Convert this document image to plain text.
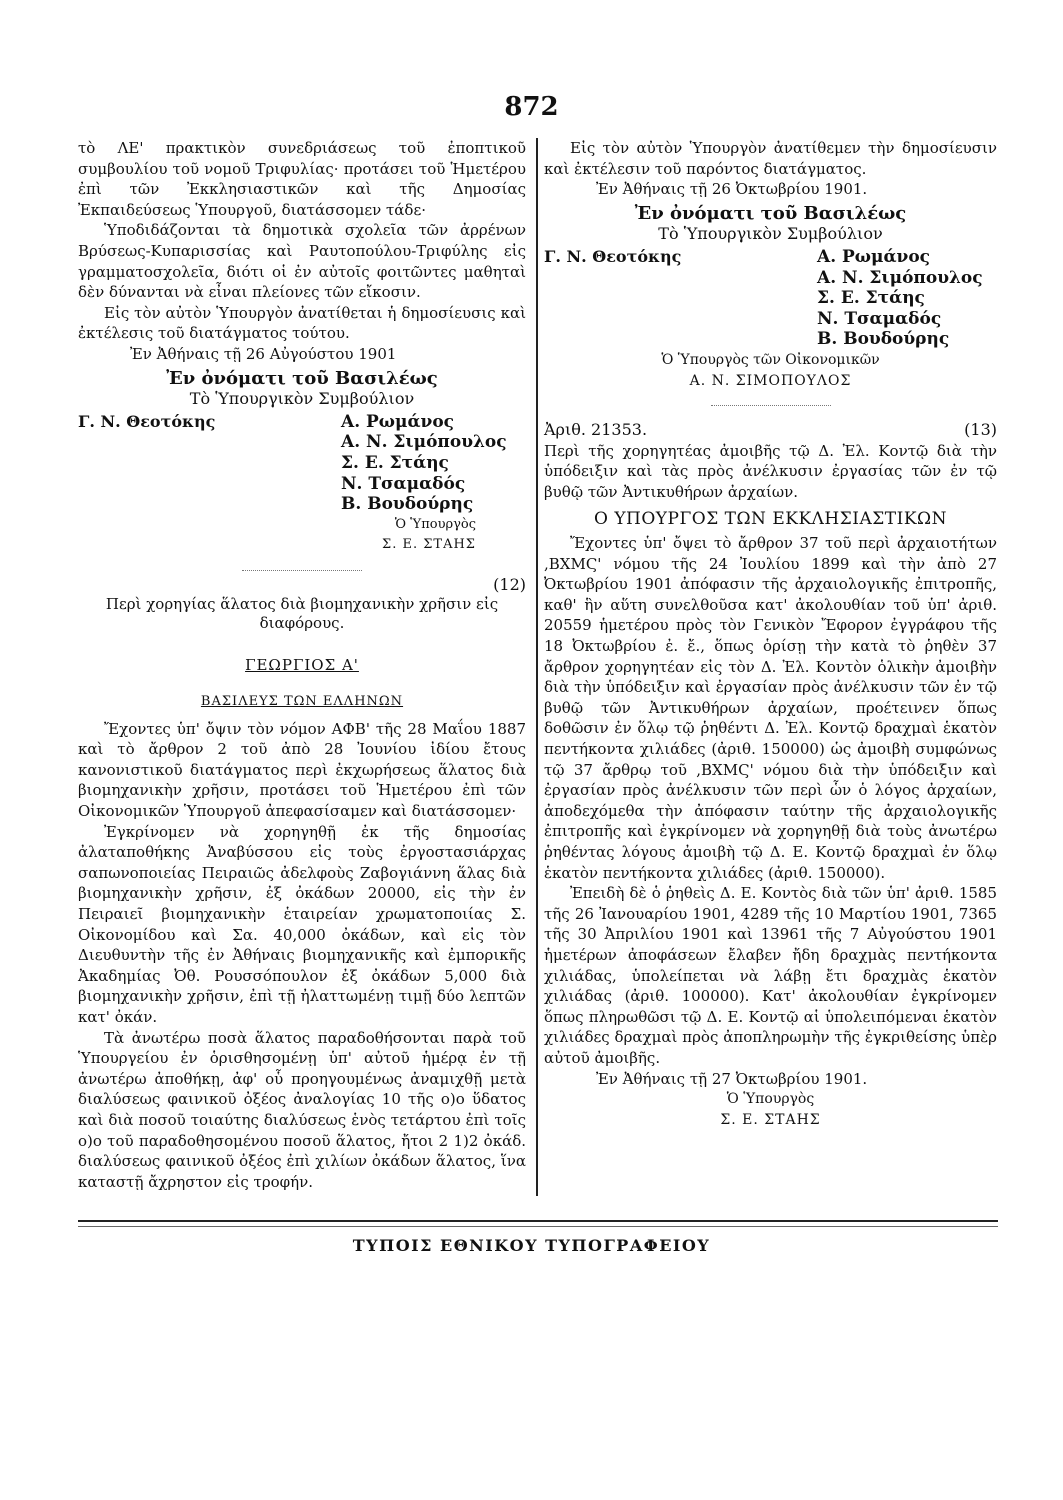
872

τὸ ΛΕ' πρακτικὸν συνεδριάσεως τοῦ ἐποπτικοῦ συμβουλίου τοῦ νομοῦ Τριφυλίας· προτάσει τοῦ Ἡμετέρου ἐπὶ τῶν Ἐκκλησιαστικῶν καὶ τῆς Δημοσίας Ἐκπαιδεύσεως Ὑπουργοῦ, διατάσσομεν τάδε·

Ὑποδιδάζονται τὰ δημοτικὰ σχολεῖα τῶν ἀρρένων Βρύσεως-Κυπαρισσίας καὶ Ραυτοπούλου-Τριφύλης εἰς γραμματοσχολεῖα, διότι οἱ ἐν αὐτοῖς φοιτῶντες μαθηταὶ δὲν δύνανται νὰ εἶναι πλείονες τῶν εἴκοσιν.

Εἰς τὸν αὐτὸν Ὑπουργὸν ἀνατίθεται ἡ δημοσίευσις καὶ ἐκτέλεσις τοῦ διατάγματος τούτου.

Ἐν Ἀθήναις τῇ 26 Αὐγούστου 1901

Ἐν ὀνόματι τοῦ Βασιλέως
Τὸ Ὑπουργικὸν Συμβούλιον
Γ. Ν. Θεοτόκης	Α. Ρωμάνος
Α. Ν. Σιμόπουλος
Σ. Ε. Στάης
Ν. Τσαμαδός
Β. Βουδούρης
Ὁ Ὑπουργὸς
Σ. Ε. ΣΤΑΗΣ
(12)
Περὶ χορηγίας ἅλατος διὰ βιομηχανικὴν χρῆσιν εἰς διαφόρους.
ΓΕΩΡΓΙΟΣ Α'
ΒΑΣΙΛΕΥΣ ΤΩΝ ΕΛΛΗΝΩΝ

Ἔχοντες ὑπ' ὄψιν τὸν νόμον ΑΦΒ' τῆς 28 Μαΐου 1887 καὶ τὸ ἄρθρον 2 τοῦ ἀπὸ 28 Ἰουνίου ἰδίου ἔτους κανονιστικοῦ διατάγματος περὶ ἐκχωρήσεως ἅλατος διὰ βιομηχανικὴν χρῆσιν, προτάσει τοῦ Ἡμετέρου ἐπὶ τῶν Οἰκονομικῶν Ὑπουργοῦ ἀπεφασίσαμεν καὶ διατάσσομεν·

Ἐγκρίνομεν νὰ χορηγηθῇ ἐκ τῆς δημοσίας ἀλαταποθήκης Ἀναβύσσου εἰς τοὺς ἐργοστασιάρχας σαπωνοποιείας Πειραιῶς ἀδελφοὺς Ζαβογιάννη ἅλας διὰ βιομηχανικὴν χρῆσιν, ἐξ ὀκάδων 20000, εἰς τὴν ἐν Πειραιεῖ βιομηχανικὴν ἑταιρείαν χρωματοποιίας Σ. Οἰκονομίδου καὶ Σα. 40,000 ὀκάδων, καὶ εἰς τὸν Διευθυντὴν τῆς ἐν Ἀθήναις βιομηχανικῆς καὶ ἐμπορικῆς Ἀκαδημίας Ὀθ. Ρουσσόπουλον ἐξ ὀκάδων 5,000 διὰ βιομηχανικὴν χρῆσιν, ἐπὶ τῇ ἠλαττωμένῃ τιμῇ δύο λεπτῶν κατ' ὀκάν.

Τὰ ἀνωτέρω ποσὰ ἅλατος παραδοθήσονται παρὰ τοῦ Ὑπουργείου ἐν ὁρισθησομένῃ ὑπ' αὐτοῦ ἡμέρᾳ ἐν τῇ ἀνωτέρω ἀποθήκῃ, ἀφ' οὗ προηγουμένως ἀναμιχθῇ μετὰ διαλύσεως φαινικοῦ ὀξέος ἀναλογίας 10 τῆς ο)ο ὕδατος καὶ διὰ ποσοῦ τοιαύτης διαλύσεως ἑνὸς τετάρτου ἐπὶ τοῖς ο)ο τοῦ παραδοθησομένου ποσοῦ ἅλατος, ἤτοι 2 1)2 ὀκάδ. διαλύσεως φαινικοῦ ὀξέος ἐπὶ χιλίων ὀκάδων ἅλατος, ἵνα καταστῇ ἄχρηστον εἰς τροφήν.

Εἰς τὸν αὐτὸν Ὑπουργὸν ἀνατίθεμεν τὴν δημοσίευσιν καὶ ἐκτέλεσιν τοῦ παρόντος διατάγματος.

Ἐν Ἀθήναις τῇ 26 Ὀκτωβρίου 1901.

Ἐν ὀνόματι τοῦ Βασιλέως
Τὸ Ὑπουργικὸν Συμβούλιον
Γ. Ν. Θεοτόκης	Α. Ρωμάνος
Α. Ν. Σιμόπουλος
Σ. Ε. Στάης
Ν. Τσαμαδός
Β. Βουδούρης
Ὁ Ὑπουργὸς τῶν Οἰκονομικῶν
Α. Ν. ΣΙΜΟΠΟΥΛΟΣ
Ἀριθ. 21353.	(13)

Περὶ τῆς χορηγητέας ἀμοιβῆς τῷ Δ. Ἐλ. Κοντῷ διὰ τὴν ὑπόδειξιν καὶ τὰς πρὸς ἀνέλκυσιν ἐργασίας τῶν ἐν τῷ βυθῷ τῶν Ἀντικυθήρων ἀρχαίων.

Ο ΥΠΟΥΡΓΟΣ ΤΩΝ ΕΚΚΛΗΣΙΑΣΤΙΚΩΝ

Ἔχοντες ὑπ' ὄψει τὸ ἄρθρον 37 τοῦ περὶ ἀρχαιοτήτων ,ΒΧΜϚ' νόμου τῆς 24 Ἰουλίου 1899 καὶ τὴν ἀπὸ 27 Ὀκτωβρίου 1901 ἀπόφασιν τῆς ἀρχαιολογικῆς ἐπιτροπῆς, καθ' ἣν αὕτη συνελθοῦσα κατ' ἀκολουθίαν τοῦ ὑπ' ἀριθ. 20559 ἡμετέρου πρὸς τὸν Γενικὸν Ἔφορον ἐγγράφου τῆς 18 Ὀκτωβρίου ἐ. ἔ., ὅπως ὁρίσῃ τὴν κατὰ τὸ ῥηθὲν 37 ἄρθρον χορηγητέαν εἰς τὸν Δ. Ἐλ. Κοντὸν ὁλικὴν ἀμοιβὴν διὰ τὴν ὑπόδειξιν καὶ ἐργασίαν πρὸς ἀνέλκυσιν τῶν ἐν τῷ βυθῷ τῶν Ἀντικυθήρων ἀρχαίων, προέτεινεν ὅπως δοθῶσιν ἐν ὅλῳ τῷ ῥηθέντι Δ. Ἐλ. Κοντῷ δραχμαὶ ἑκατὸν πεντήκοντα χιλιάδες (ἀριθ. 150000) ὡς ἀμοιβὴ συμφώνως τῷ 37 ἄρθρῳ τοῦ ,ΒΧΜϚ' νόμου διὰ τὴν ὑπόδειξιν καὶ ἐργασίαν πρὸς ἀνέλκυσιν τῶν περὶ ὧν ὁ λόγος ἀρχαίων, ἀποδεχόμεθα τὴν ἀπόφασιν ταύτην τῆς ἀρχαιολογικῆς ἐπιτροπῆς καὶ ἐγκρίνομεν νὰ χορηγηθῇ διὰ τοὺς ἀνωτέρω ῥηθέντας λόγους ἀμοιβὴ τῷ Δ. Ε. Κοντῷ δραχμαὶ ἐν ὅλῳ ἑκατὸν πεντήκοντα χιλιάδες (ἀριθ. 150000).

Ἐπειδὴ δὲ ὁ ῥηθεὶς Δ. Ε. Κοντὸς διὰ τῶν ὑπ' ἀριθ. 1585 τῆς 26 Ἰανουαρίου 1901, 4289 τῆς 10 Μαρτίου 1901, 7365 τῆς 30 Ἀπριλίου 1901 καὶ 13961 τῆς 7 Αὐγούστου 1901 ἡμετέρων ἀποφάσεων ἔλαβεν ἤδη δραχμὰς πεντήκοντα χιλιάδας, ὑπολείπεται νὰ λάβῃ ἔτι δραχμὰς ἑκατὸν χιλιάδας (ἀριθ. 100000). Κατ' ἀκολουθίαν ἐγκρίνομεν ὅπως πληρωθῶσι τῷ Δ. Ε. Κοντῷ αἱ ὑπολειπόμεναι ἑκατὸν χιλιάδες δραχμαὶ πρὸς ἀποπληρωμὴν τῆς ἐγκριθείσης ὑπὲρ αὐτοῦ ἀμοιβῆς.

Ἐν Ἀθήναις τῇ 27 Ὀκτωβρίου 1901.

Ὁ Ὑπουργὸς
Σ. Ε. ΣΤΑΗΣ
ΤΥΠΟΙΣ ΕΘΝΙΚΟΥ ΤΥΠΟΓΡΑΦΕΙΟΥ
